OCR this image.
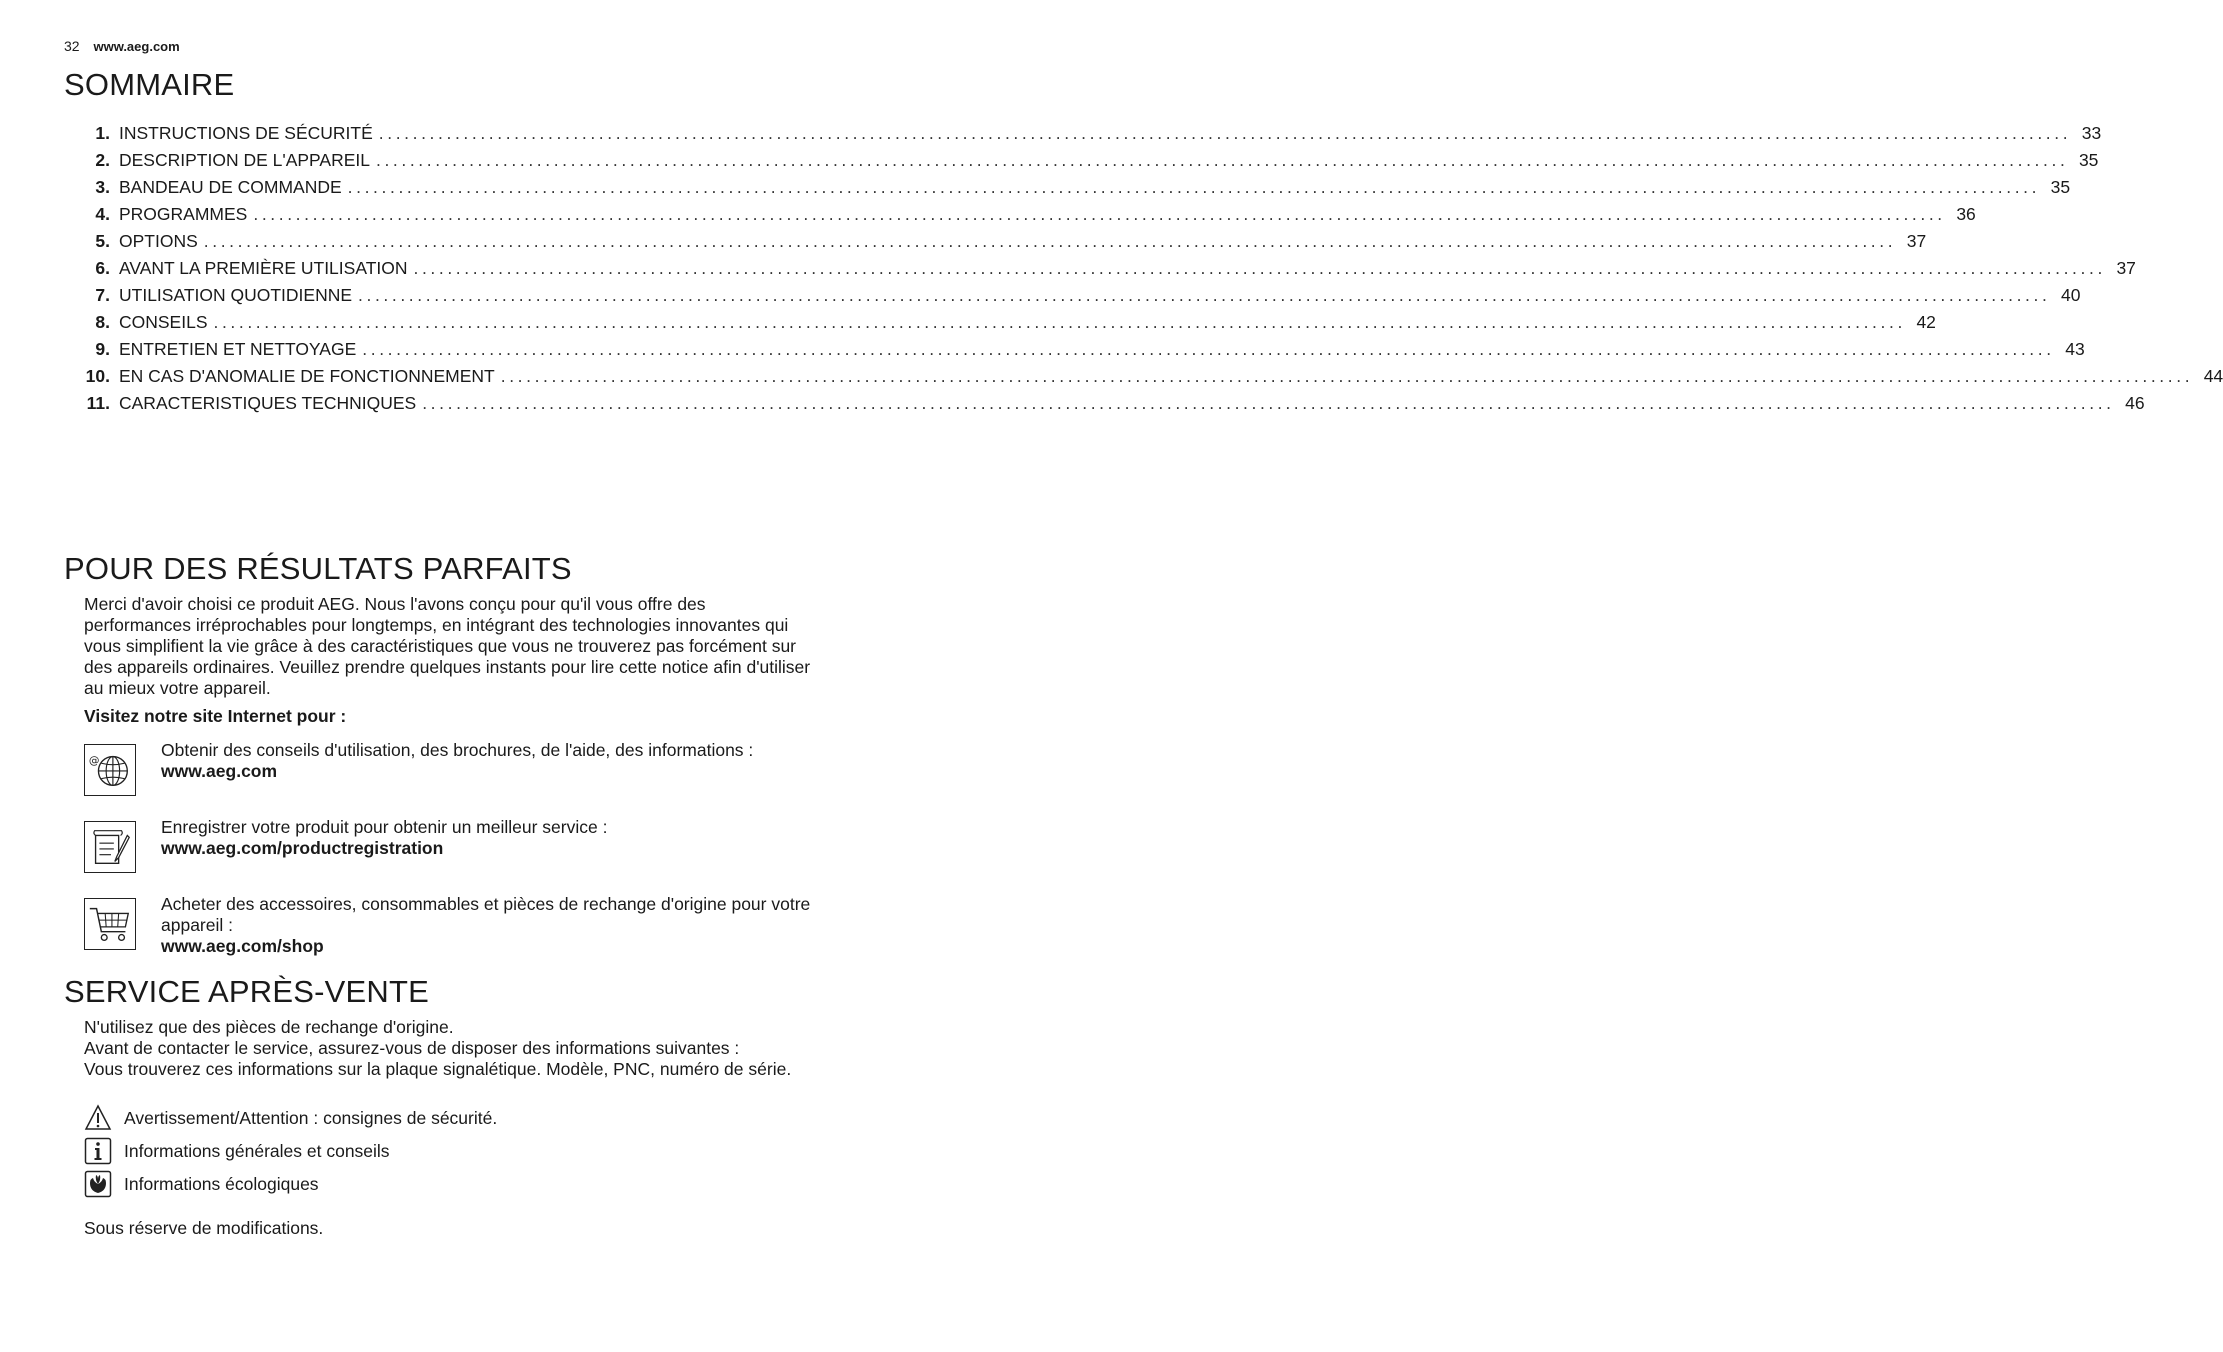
32 www.aeg.com
SOMMAIRE
1. INSTRUCTIONS DE SÉCURITÉ ........................................................................................................................................................................................................ 33
2. DESCRIPTION DE L'APPAREIL ........................................................................................................................................................................................................ 35
3. BANDEAU DE COMMANDE ........................................................................................................................................................................................................ 35
4. PROGRAMMES ........................................................................................................................................................................................................ 36
5. OPTIONS ........................................................................................................................................................................................................ 37
6. AVANT LA PREMIÈRE UTILISATION ........................................................................................................................................................................................................ 37
7. UTILISATION QUOTIDIENNE ........................................................................................................................................................................................................ 40
8. CONSEILS ........................................................................................................................................................................................................ 42
9. ENTRETIEN ET NETTOYAGE ........................................................................................................................................................................................................ 43
10. EN CAS D'ANOMALIE DE FONCTIONNEMENT ........................................................................................................................................................................................................ 44
11. CARACTERISTIQUES TECHNIQUES ........................................................................................................................................................................................................ 46
POUR DES RÉSULTATS PARFAITS
Merci d'avoir choisi ce produit AEG. Nous l'avons conçu pour qu'il vous offre des
performances irréprochables pour longtemps, en intégrant des technologies innovantes qui
vous simplifient la vie grâce à des caractéristiques que vous ne trouverez pas forcément sur
des appareils ordinaires. Veuillez prendre quelques instants pour lire cette notice afin d'utiliser
au mieux votre appareil.
Visitez notre site Internet pour :
@
Obtenir des conseils d'utilisation, des brochures, de l'aide, des informations :
www.aeg.com
Enregistrer votre produit pour obtenir un meilleur service :
www.aeg.com/productregistration
Acheter des accessoires, consommables et pièces de rechange d'origine pour votre
appareil :
www.aeg.com/shop
SERVICE APRÈS-VENTE
N'utilisez que des pièces de rechange d'origine.
Avant de contacter le service, assurez-vous de disposer des informations suivantes :
Vous trouverez ces informations sur la plaque signalétique. Modèle, PNC, numéro de série.
Avertissement/Attention : consignes de sécurité.
Informations générales et conseils
Informations écologiques
Sous réserve de modifications.
